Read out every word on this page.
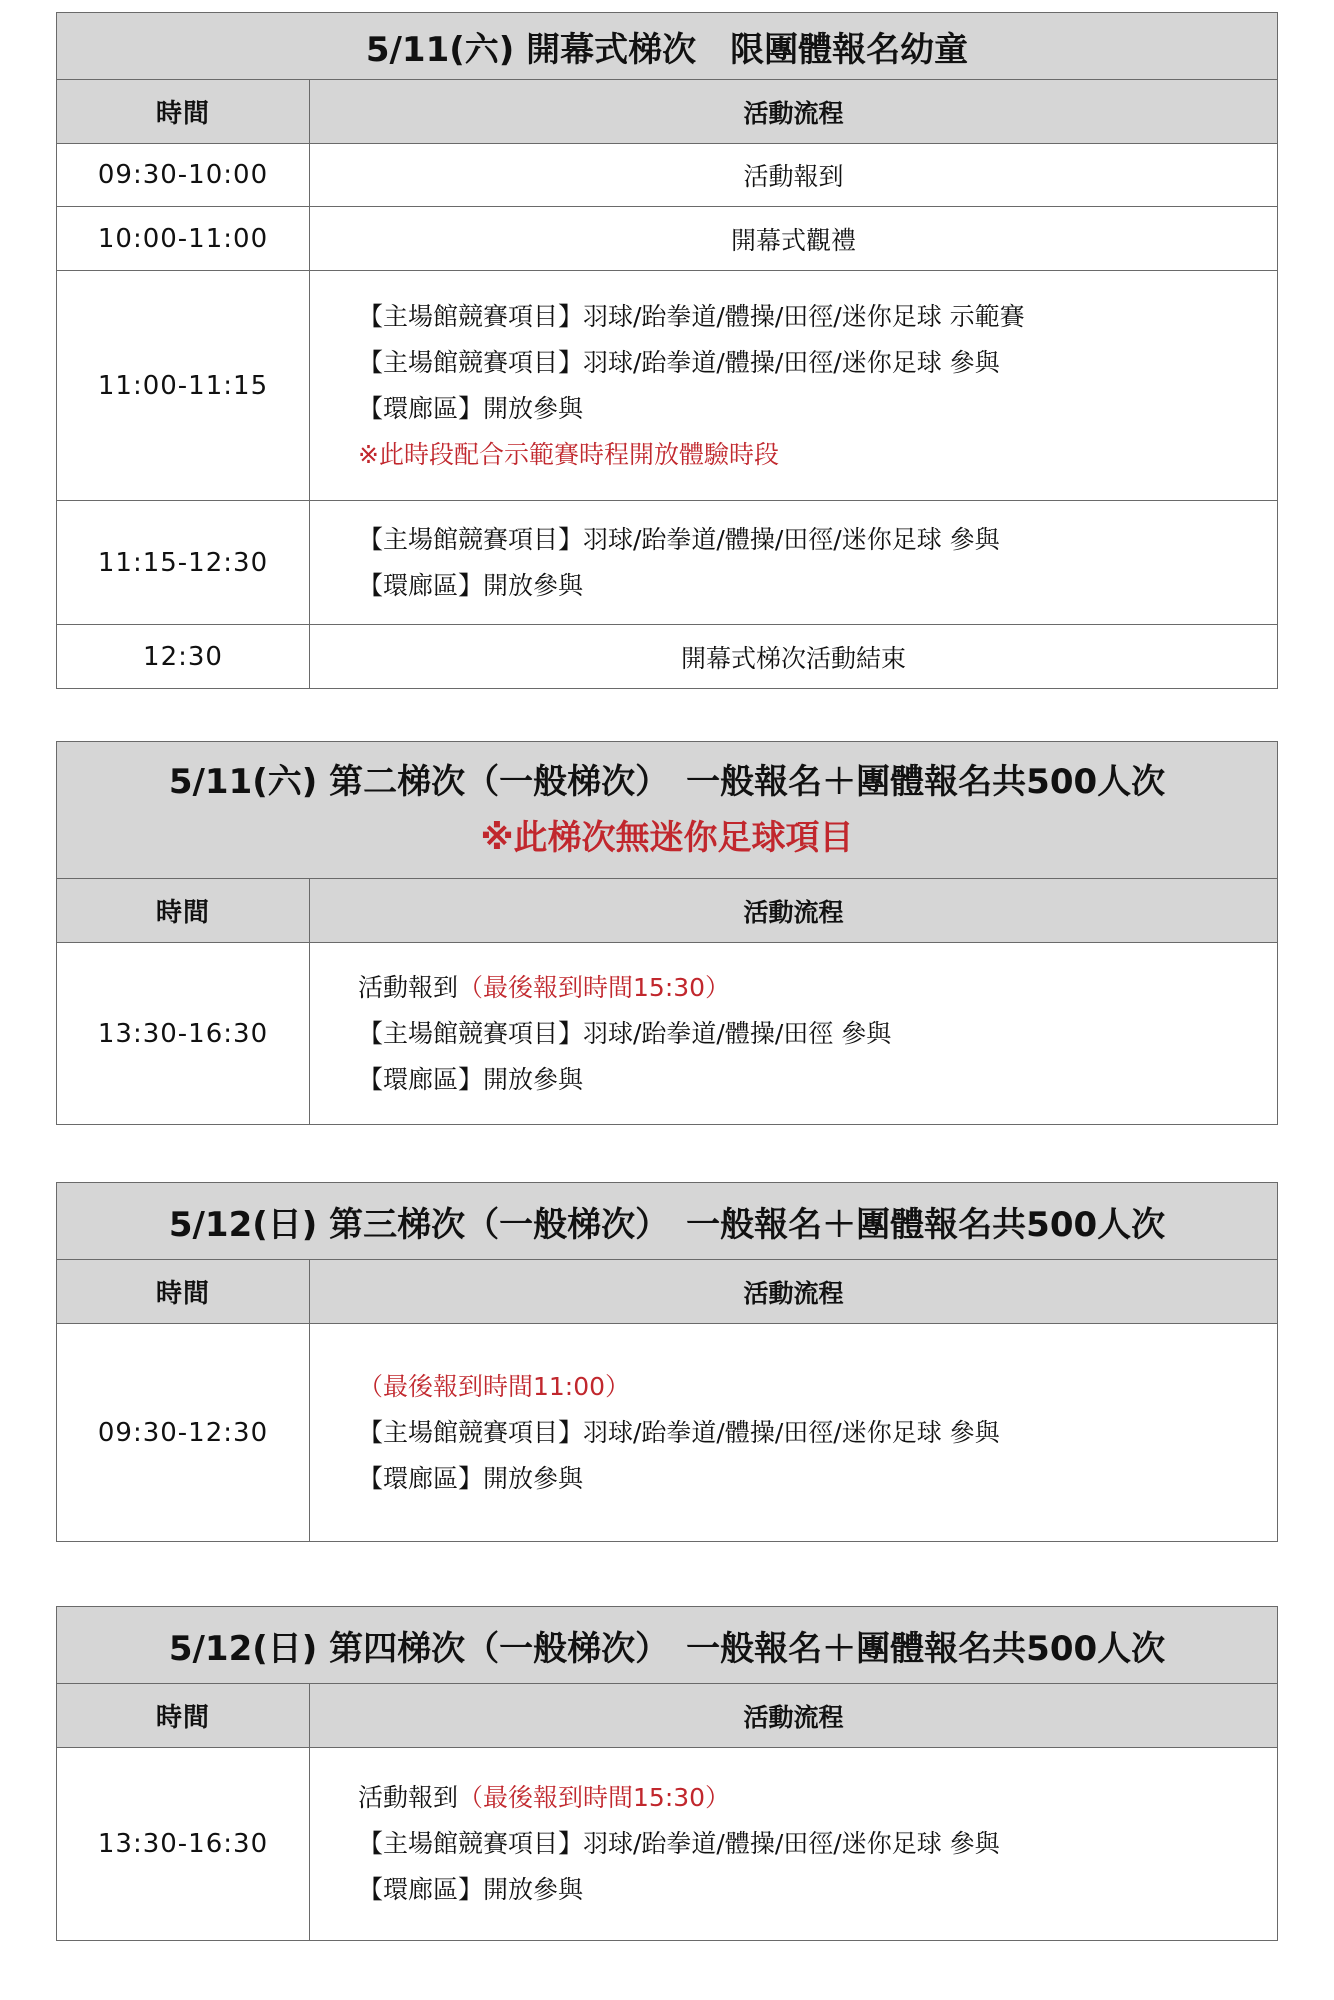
5/11(六) 開幕式梯次　限團體報名幼童	
時間	活動流程
09:30-10:00	活動報到
10:00-11:00	開幕式觀禮
11:00-11:15	【主場館競賽項目】羽球/跆拳道/體操/田徑/迷你足球 示範賽
【主場館競賽項目】羽球/跆拳道/體操/田徑/迷你足球 參與
【環廊區】開放參與
※此時段配合示範賽時程開放體驗時段

11:15-12:30	【主場館競賽項目】羽球/跆拳道/體操/田徑/迷你足球 參與
【環廊區】開放參與

12:30	開幕式梯次活動結束
5/11(六) 第二梯次（一般梯次）　一般報名＋團體報名共500人次
※此梯次無迷你足球項目	

時間	活動流程
13:30-16:30	活動報到（最後報到時間15:30）
【主場館競賽項目】羽球/跆拳道/體操/田徑 參與
【環廊區】開放參與
5/12(日) 第三梯次（一般梯次）　一般報名＋團體報名共500人次	
時間	活動流程
09:30-12:30	（最後報到時間11:00）
【主場館競賽項目】羽球/跆拳道/體操/田徑/迷你足球 參與
【環廊區】開放參與
5/12(日) 第四梯次（一般梯次）　一般報名＋團體報名共500人次	
時間	活動流程
13:30-16:30	活動報到（最後報到時間15:30）
【主場館競賽項目】羽球/跆拳道/體操/田徑/迷你足球 參與
【環廊區】開放參與
